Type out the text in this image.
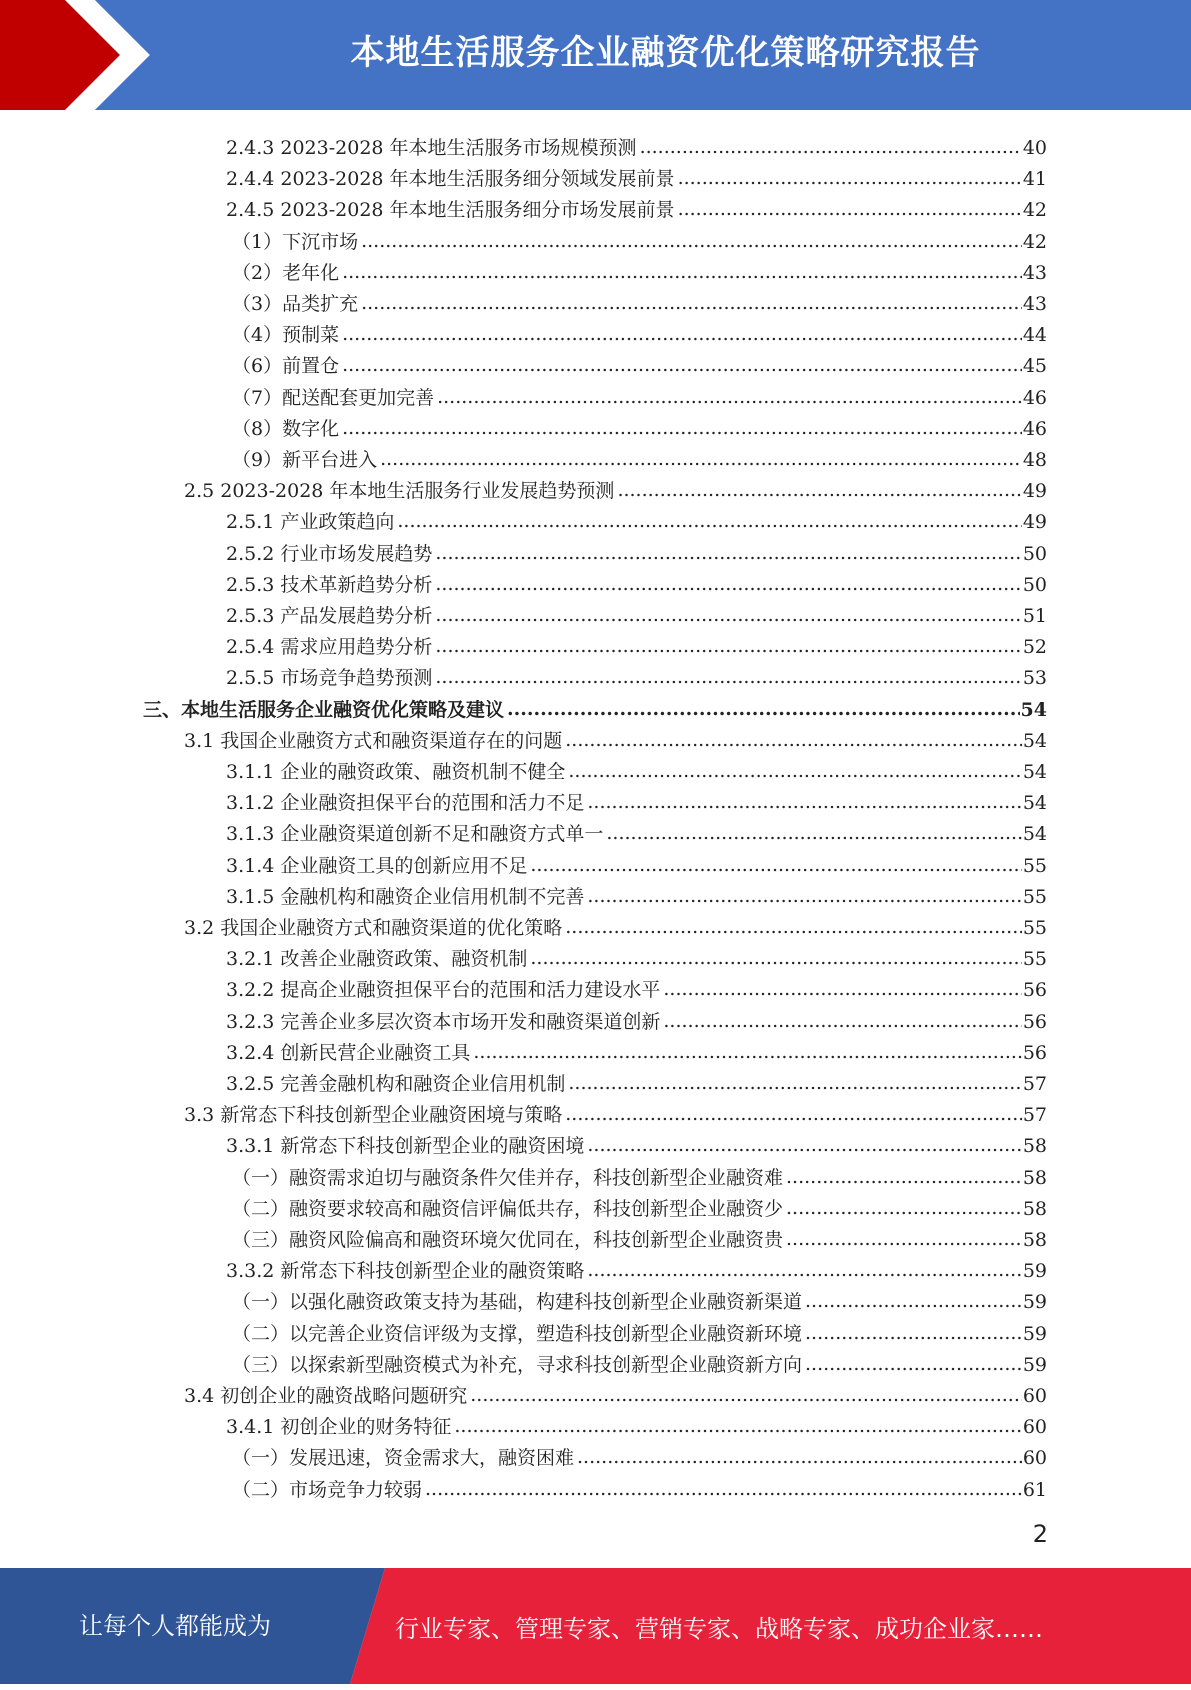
本地生活服务企业融资优化策略研究报告
2.4.3 2023-2028 年本地生活服务市场规模预测 .....	40
2.4.4 2023-2028 年本地生活服务细分领域发展前景 .....	41
2.4.5 2023-2028 年本地生活服务细分市场发展前景 .....	42
（1）下沉市场 .....	42
（2）老年化 .....	43
（3）品类扩充 .....	43
（4）预制菜 .....	44
（6）前置仓 .....	45
（7）配送配套更加完善 .....	46
（8）数字化 .....	46
（9）新平台进入 .....	48
2.5 2023-2028 年本地生活服务行业发展趋势预测 .....	49
2.5.1 产业政策趋向 .....	49
2.5.2 行业市场发展趋势 .....	50
2.5.3 技术革新趋势分析 .....	50
2.5.3 产品发展趋势分析 .....	51
2.5.4 需求应用趋势分析 .....	52
2.5.5 市场竞争趋势预测 .....	53
三、本地生活服务企业融资优化策略及建议 .....	54
3.1 我国企业融资方式和融资渠道存在的问题 .....	54
3.1.1 企业的融资政策、融资机制不健全 .....	54
3.1.2 企业融资担保平台的范围和活力不足 .....	54
3.1.3 企业融资渠道创新不足和融资方式单一 .....	54
3.1.4 企业融资工具的创新应用不足 .....	55
3.1.5 金融机构和融资企业信用机制不完善 .....	55
3.2 我国企业融资方式和融资渠道的优化策略 .....	55
3.2.1 改善企业融资政策、融资机制 .....	55
3.2.2 提高企业融资担保平台的范围和活力建设水平 .....	56
3.2.3 完善企业多层次资本市场开发和融资渠道创新 .....	56
3.2.4 创新民营企业融资工具 .....	56
3.2.5 完善金融机构和融资企业信用机制 .....	57
3.3 新常态下科技创新型企业融资困境与策略 .....	57
3.3.1 新常态下科技创新型企业的融资困境 .....	58
（一）融资需求迫切与融资条件欠佳并存，科技创新型企业融资难 .....	58
（二）融资要求较高和融资信评偏低共存，科技创新型企业融资少 .....	58
（三）融资风险偏高和融资环境欠优同在，科技创新型企业融资贵 .....	58
3.3.2 新常态下科技创新型企业的融资策略 .....	59
（一）以强化融资政策支持为基础，构建科技创新型企业融资新渠道 .....	59
（二）以完善企业资信评级为支撑，塑造科技创新型企业融资新环境 .....	59
（三）以探索新型融资模式为补充，寻求科技创新型企业融资新方向 .....	59
3.4 初创企业的融资战略问题研究 .....	60
3.4.1 初创企业的财务特征 .....	60
（一）发展迅速，资金需求大，融资困难 .....	60
（二）市场竞争力较弱 .....	61
2
让每个人都能成为	行业专家、管理专家、营销专家、战略专家、成功企业家……
